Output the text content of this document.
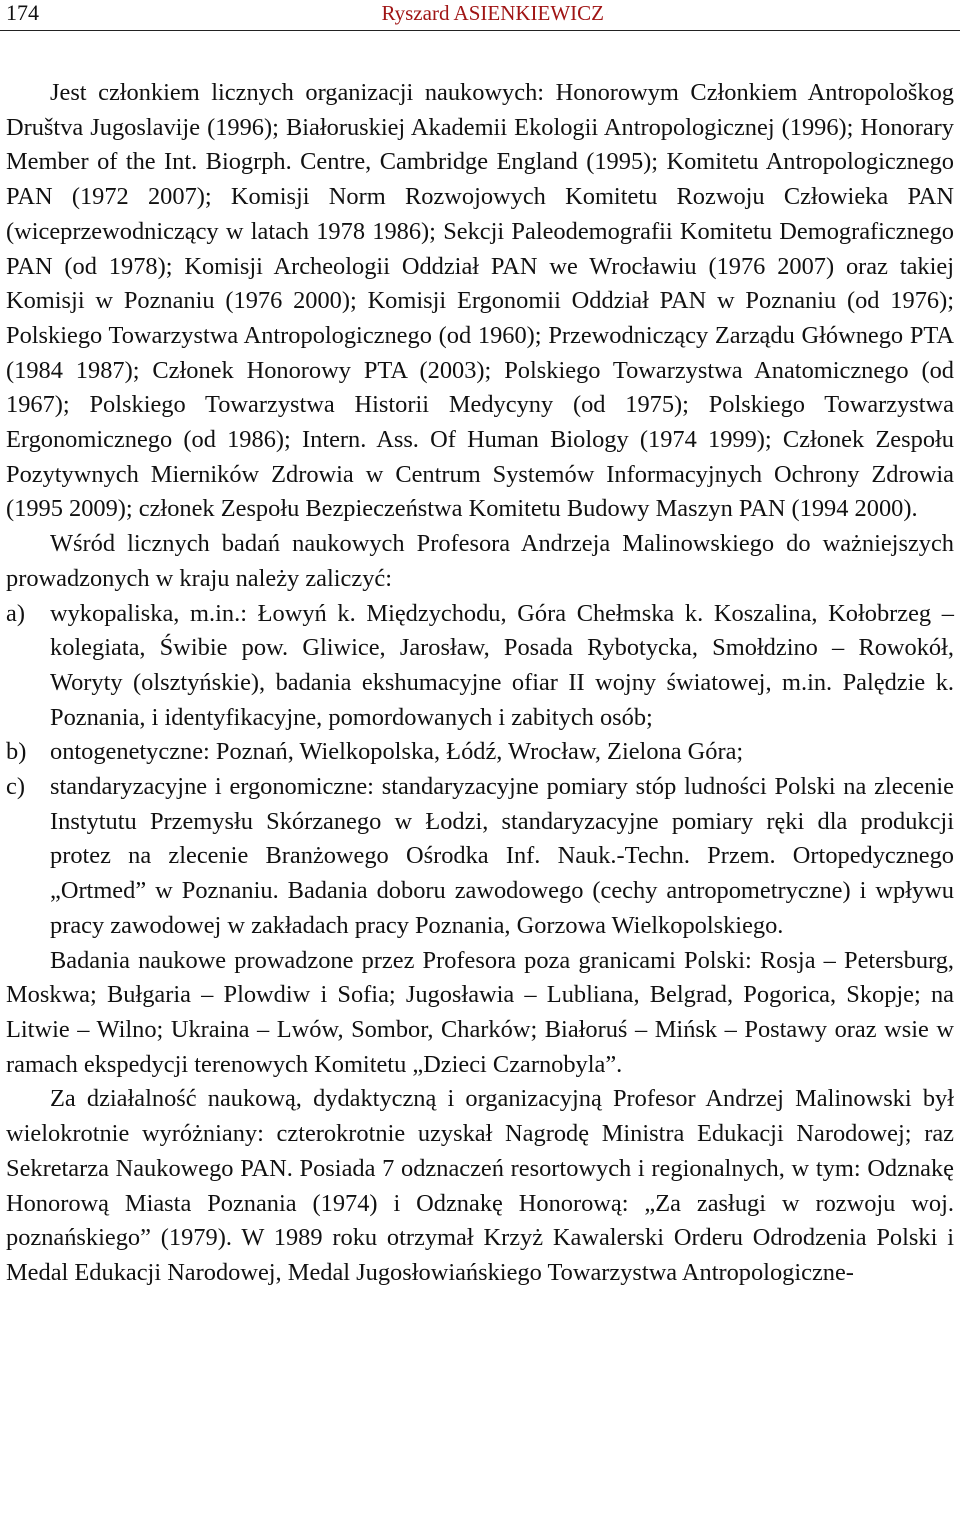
174	Ryszard ASIENKIEWICZ

Jest członkiem licznych organizacji naukowych: Honorowym Członkiem Antropološkog Društva Jugoslavije (1996); Białoruskiej Akademii Ekologii Antropologicznej (1996); Honorary Member of the Int. Biogrph. Centre, Cambridge England (1995); Komitetu Antropologicznego PAN (1972 2007); Komisji Norm Rozwojowych Komitetu Rozwoju Człowieka PAN (wiceprzewodniczący w latach 1978 1986); Sekcji Paleodemografii Komitetu Demograficznego PAN (od 1978); Komisji Archeologii Oddział PAN we Wrocławiu (1976 2007) oraz takiej Komisji w Poznaniu (1976 2000); Komisji Ergonomii Oddział PAN w Poznaniu (od 1976); Polskiego Towarzystwa Antropologicznego (od 1960); Przewodniczący Zarządu Głównego PTA (1984 1987); Członek Honorowy PTA (2003); Polskiego Towarzystwa Anatomicznego (od 1967); Polskiego Towarzystwa Historii Medycyny (od 1975); Polskiego Towarzystwa Ergonomicznego (od 1986); Intern. Ass. Of Human Biology (1974 1999); Członek Zespołu Pozytywnych Mierników Zdrowia w Centrum Systemów Informacyjnych Ochrony Zdrowia (1995 2009); członek Zespołu Bezpieczeństwa Komitetu Budowy Maszyn PAN (1994 2000).

Wśród licznych badań naukowych Profesora Andrzeja Malinowskiego do ważniejszych prowadzonych w kraju należy zaliczyć:

a)	wykopaliska, m.in.: Łowyń k. Międzychodu, Góra Chełmska k. Koszalina, Kołobrzeg – kolegiata, Świbie pow. Gliwice, Jarosław, Posada Rybotycka, Smołdzino – Rowokół, Woryty (olsztyńskie), badania ekshumacyjne ofiar II wojny światowej, m.in. Palędzie k. Poznania, i identyfikacyjne, pomordowanych i zabitych osób;
b) ontogenetyczne: Poznań, Wielkopolska, Łódź, Wrocław, Zielona Góra;
c)	standaryzacyjne i ergonomiczne: standaryzacyjne pomiary stóp ludności Polski na zlecenie Instytutu Przemysłu Skórzanego w Łodzi, standaryzacyjne pomiary ręki dla produkcji protez na zlecenie Branżowego Ośrodka Inf. Nauk.-Techn. Przem. Ortopedycznego „Ortmed” w Poznaniu. Badania doboru zawodowego (cechy antropometryczne) i wpływu pracy zawodowej w zakładach pracy Poznania, Gorzowa Wielkopolskiego.

Badania naukowe prowadzone przez Profesora poza granicami Polski: Rosja – Petersburg, Moskwa; Bułgaria – Plowdiw i Sofia; Jugosławia – Lubliana, Belgrad, Pogorica, Skopje; na Litwie – Wilno; Ukraina – Lwów, Sombor, Charków; Białoruś – Mińsk – Postawy oraz wsie w ramach ekspedycji terenowych Komitetu „Dzieci Czarnobyla”.

Za działalność naukową, dydaktyczną i organizacyjną Profesor Andrzej Malinowski był wielokrotnie wyróżniany: czterokrotnie uzyskał Nagrodę Ministra Edukacji Narodowej; raz Sekretarza Naukowego PAN. Posiada 7 odznaczeń resortowych i regionalnych, w tym: Odznakę Honorową Miasta Poznania (1974) i Odznakę Honorową: „Za zasługi w rozwoju woj. poznańskiego” (1979). W 1989 roku otrzymał Krzyż Kawalerski Orderu Odrodzenia Polski i Medal Edukacji Narodowej, Medal Jugosłowiańskiego Towarzystwa Antropologiczne-
